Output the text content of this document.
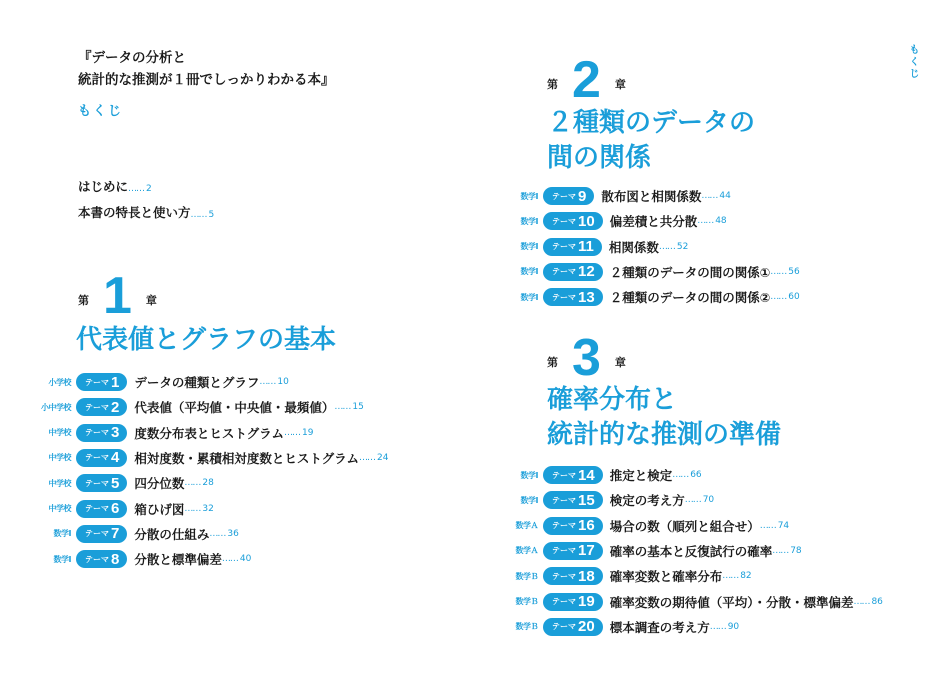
『データの分析と
統計的な推測が１冊でしっかりわかる本』
もくじ
もくじ
はじめに…… 2
本書の特長と使い方…… 5
第 1 章
代表値とグラフの基本
小学校 テーマ 1 データの種類とグラフ …… 10
小中学校 テーマ 2 代表値（平均値・中央値・最頻値） …… 15
中学校 テーマ 3 度数分布表とヒストグラム …… 19
中学校 テーマ 4 相対度数・累積相対度数とヒストグラム …… 24
中学校 テーマ 5 四分位数 …… 28
中学校 テーマ 6 箱ひげ図 …… 32
数学Ⅰ テーマ 7 分散の仕組み …… 36
数学Ⅰ テーマ 8 分散と標準偏差 …… 40
第 2 章
２種類のデータの
間の関係
数学Ⅰ テーマ 9 散布図と相関係数 …… 44
数学Ⅰ テーマ 10 偏差積と共分散 …… 48
数学Ⅰ テーマ 11 相関係数 …… 52
数学Ⅰ テーマ 12 ２種類のデータの間の関係① …… 56
数学Ⅰ テーマ 13 ２種類のデータの間の関係② …… 60
第 3 章
確率分布と
統計的な推測の準備
数学Ⅰ テーマ 14 推定と検定 …… 66
数学Ⅰ テーマ 15 検定の考え方 …… 70
数学Ａ テーマ 16 場合の数（順列と組合せ） …… 74
数学Ａ テーマ 17 確率の基本と反復試行の確率 …… 78
数学Ｂ テーマ 18 確率変数と確率分布 …… 82
数学Ｂ テーマ 19 確率変数の期待値（平均）・分散・標準偏差 …… 86
数学Ｂ テーマ 20 標本調査の考え方 …… 90
